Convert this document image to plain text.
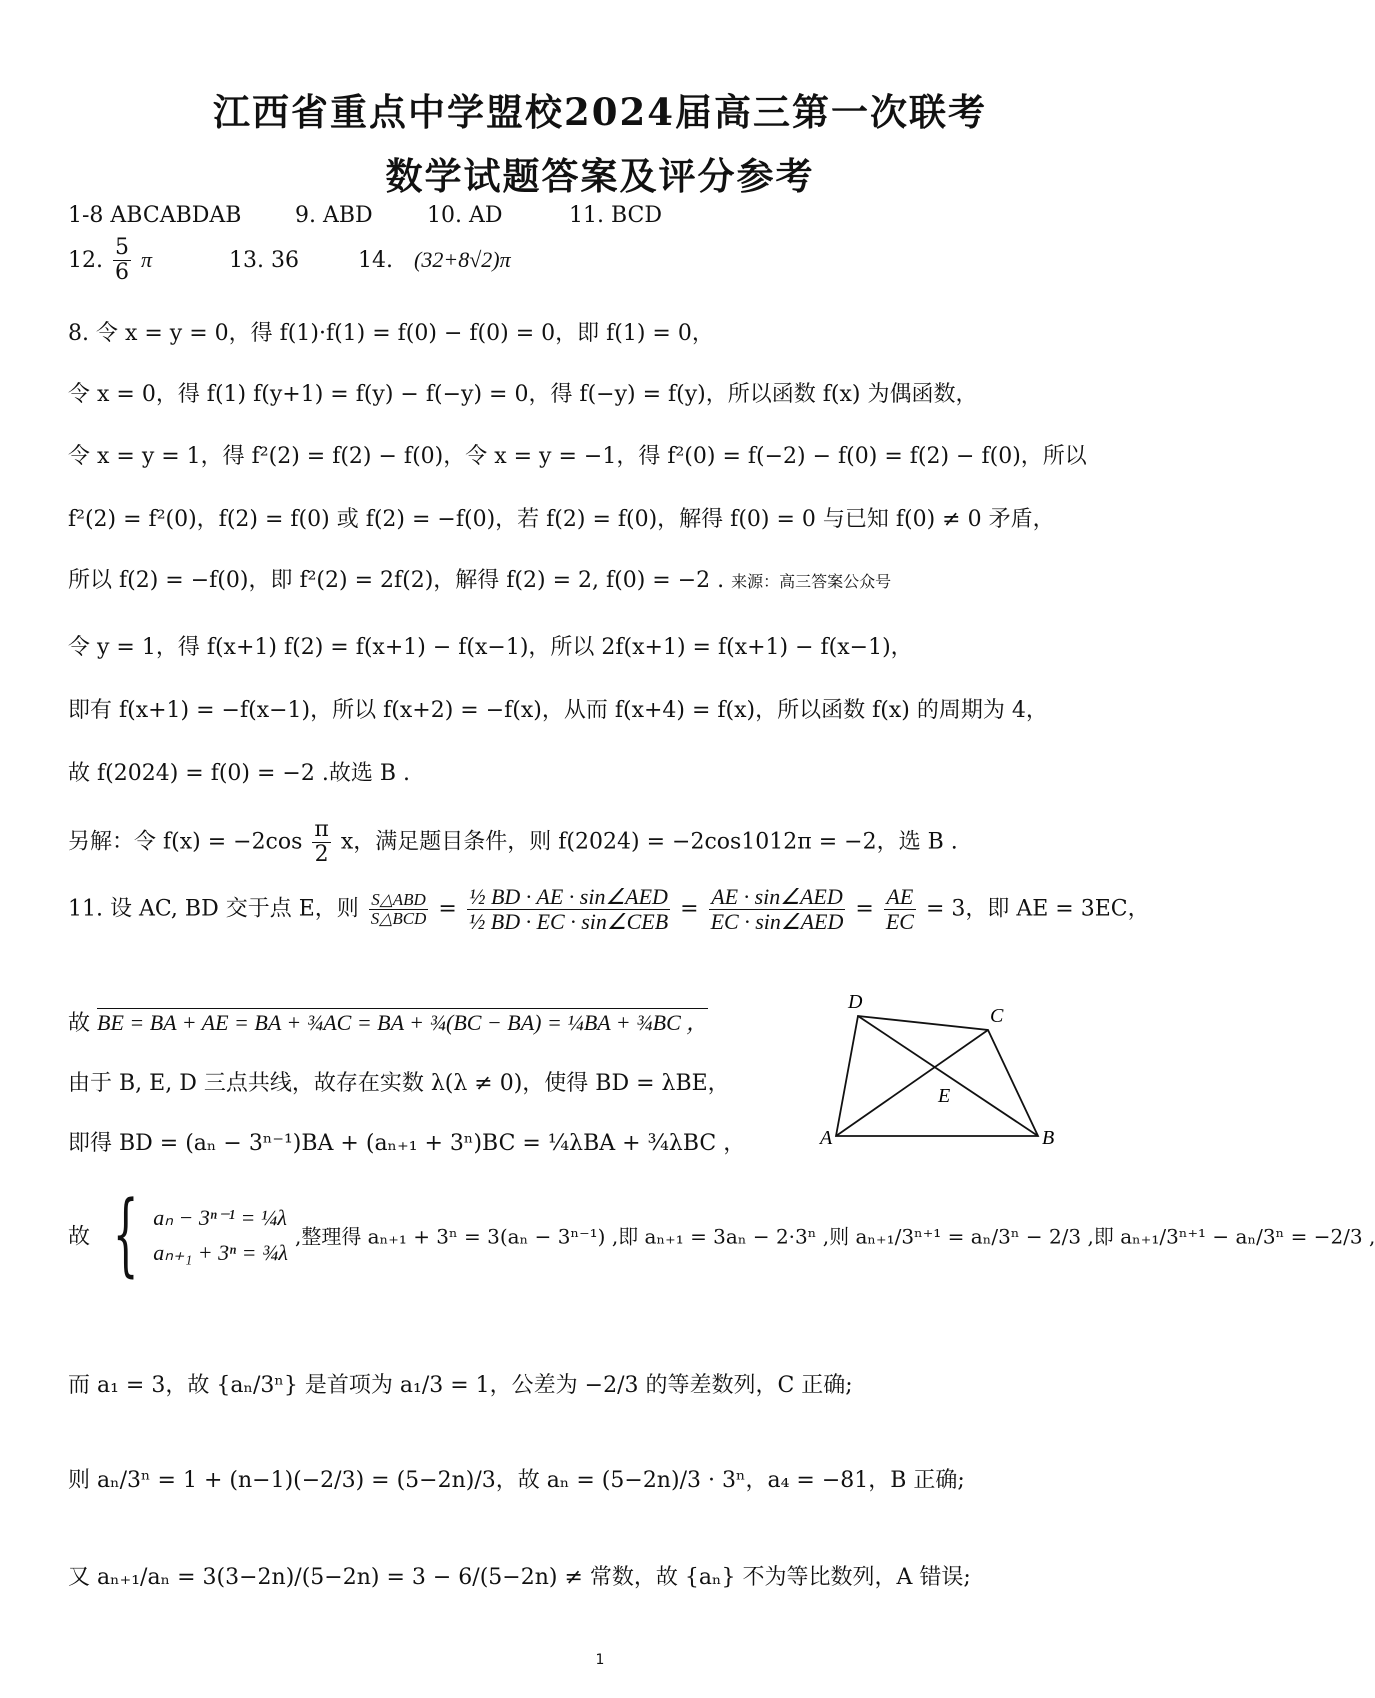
江西省重点中学盟校2024届高三第一次联考
数学试题答案及评分参考
1-8 ABCABDAB 9. ABD 10. AD	11. BCD
12. $\frac{5}{6}$ π	13. 36	14. (32+8√2)π
8. 令 x = y = 0，得 f(1)·f(1) = f(0) − f(0) = 0，即 f(1) = 0，
令 x = 0，得 f(1) f(y+1) = f(y) − f(−y) = 0，得 f(−y) = f(y)，所以函数 f(x) 为偶函数，
令 x = y = 1，得 f²(2) = f(2) − f(0)，令 x = y = −1，得 f²(0) = f(−2) − f(0) = f(2) − f(0)，所以
f²(2) = f²(0)，f(2) = f(0) 或 f(2) = −f(0)，若 f(2) = f(0)，解得 f(0) = 0 与已知 f(0) ≠ 0 矛盾，
所以 f(2) = −f(0)，即 f²(2) = 2f(2)，解得 f(2) = 2, f(0) = −2 . 来源：高三答案公众号
令 y = 1，得 f(x+1) f(2) = f(x+1) − f(x−1)，所以 2f(x+1) = f(x+1) − f(x−1)，
即有 f(x+1) = −f(x−1)，所以 f(x+2) = −f(x)，从而 f(x+4) = f(x)，所以函数 f(x) 的周期为 4，
故 f(2024) = f(0) = −2 .故选 B .
另解：令 $f(x) = -2\cos \frac{\pi}{2}$ x，满足题目条件，则 f(2024) = −2cos1012π = −2，选 B .
11. 设 AC, BD 交于点 E，则 $\frac{\text{S△ABD}}{\text{S△BCD}} = \frac{\text{½ BD · AE · sin∠AED}}{\text{½ BD · EC · sin∠CEB}} = \frac{\text{AE · sin∠AED}}{\text{EC · sin∠AED}} = \frac{AE}{EC} = 3$，即 AE = 3EC，
故 BE = BA + AE = BA + ¾AC = BA + ¾(BC − BA) = ¼BA + ¾BC ，
由于 B, E, D 三点共线，故存在实数 λ(λ ≠ 0)，使得 BD = λBE，
即得 BD = (aₙ − 3ⁿ⁻¹)BA + (aₙ₊₁ + 3ⁿ)BC = ¼λBA + ¾λBC ，
故 { aₙ − 3ⁿ⁻¹ = ¼λ
aₙ₊₁ + 3ⁿ = ¾λ
,整理得 aₙ₊₁ + 3ⁿ = 3(aₙ − 3ⁿ⁻¹) ,即 aₙ₊₁ = 3aₙ − 2·3ⁿ ,则 aₙ₊₁/3ⁿ⁺¹ = aₙ/3ⁿ − 2/3 ,即 aₙ₊₁/3ⁿ⁺¹ − aₙ/3ⁿ = −2/3 ,
而 a₁ = 3，故 {aₙ/3ⁿ} 是首项为 a₁/3 = 1，公差为 −2/3 的等差数列，C 正确;
则 aₙ/3ⁿ = 1 + (n−1)(−2/3) = (5−2n)/3，故 aₙ = (5−2n)/3 · 3ⁿ，a₄ = −81，B 正确;
又 aₙ₊₁/aₙ = 3(3−2n)/(5−2n) = 3 − 6/(5−2n) ≠ 常数，故 {aₙ} 不为等比数列，A 错误;
D
C
E
A	B
1
